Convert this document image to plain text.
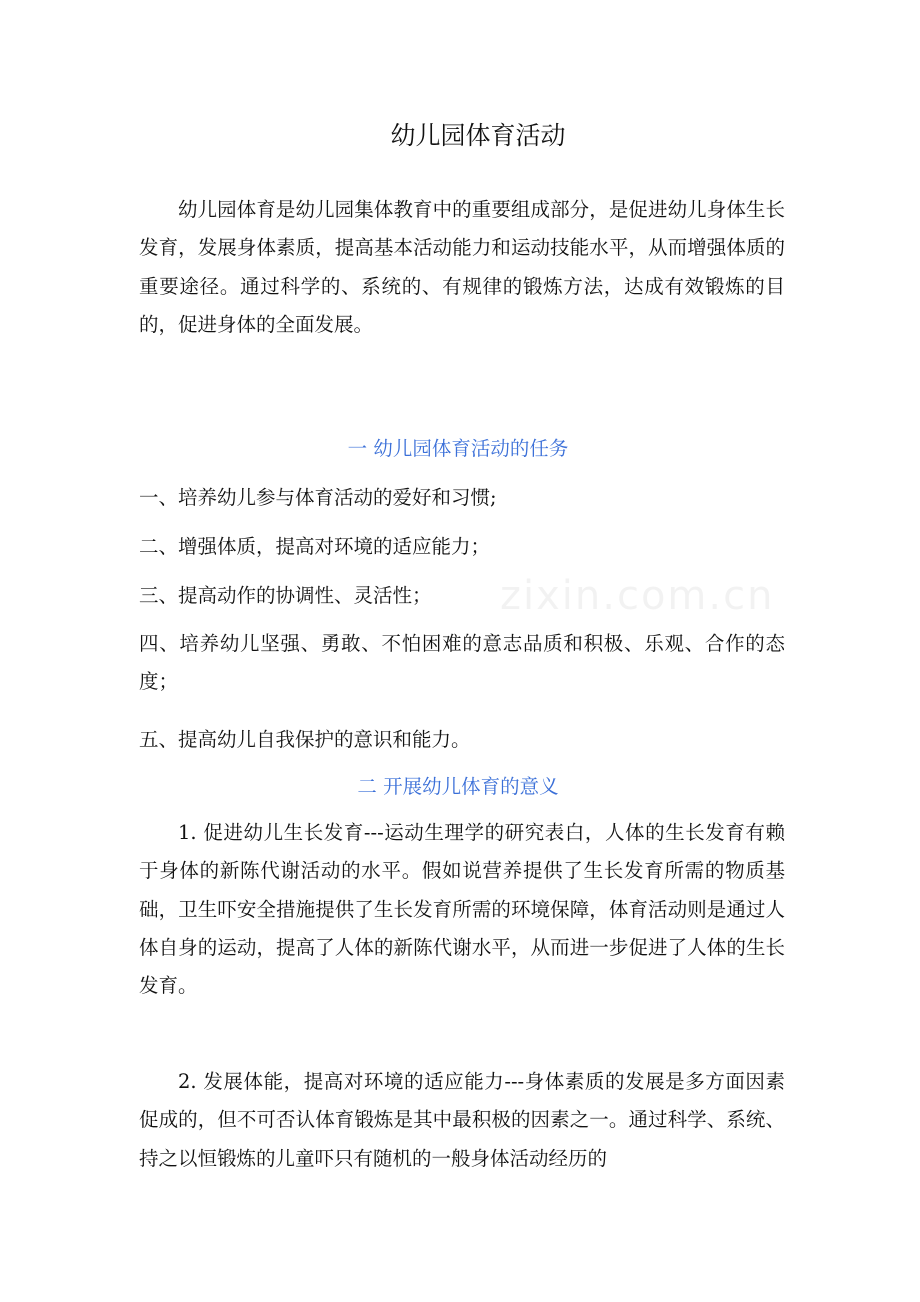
幼儿园体育活动

幼儿园体育是幼儿园集体教育中的重要组成部分，是促进幼儿身体生长发育，发展身体素质，提高基本活动能力和运动技能水平，从而增强体质的重要途径。通过科学的、系统的、有规律的锻炼方法，达成有效锻炼的目的，促进身体的全面发展。

一 幼儿园体育活动的任务

一、培养幼儿参与体育活动的爱好和习惯;

二、增强体质，提高对环境的适应能力；

三、提高动作的协调性、灵活性；

四、培养幼儿坚强、勇敢、不怕困难的意志品质和积极、乐观、合作的态度；

五、提高幼儿自我保护的意识和能力。

二 开展幼儿体育的意义

1. 促进幼儿生长发育---运动生理学的研究表白，人体的生长发育有赖于身体的新陈代谢活动的水平。假如说营养提供了生长发育所需的物质基础，卫生吓安全措施提供了生长发育所需的环境保障，体育活动则是通过人体自身的运动，提高了人体的新陈代谢水平，从而进一步促进了人体的生长发育。

2. 发展体能，提高对环境的适应能力---身体素质的发展是多方面因素促成的，但不可否认体育锻炼是其中最积极的因素之一。通过科学、系统、持之以恒锻炼的儿童吓只有随机的一般身体活动经历的

zixin.com.cn
